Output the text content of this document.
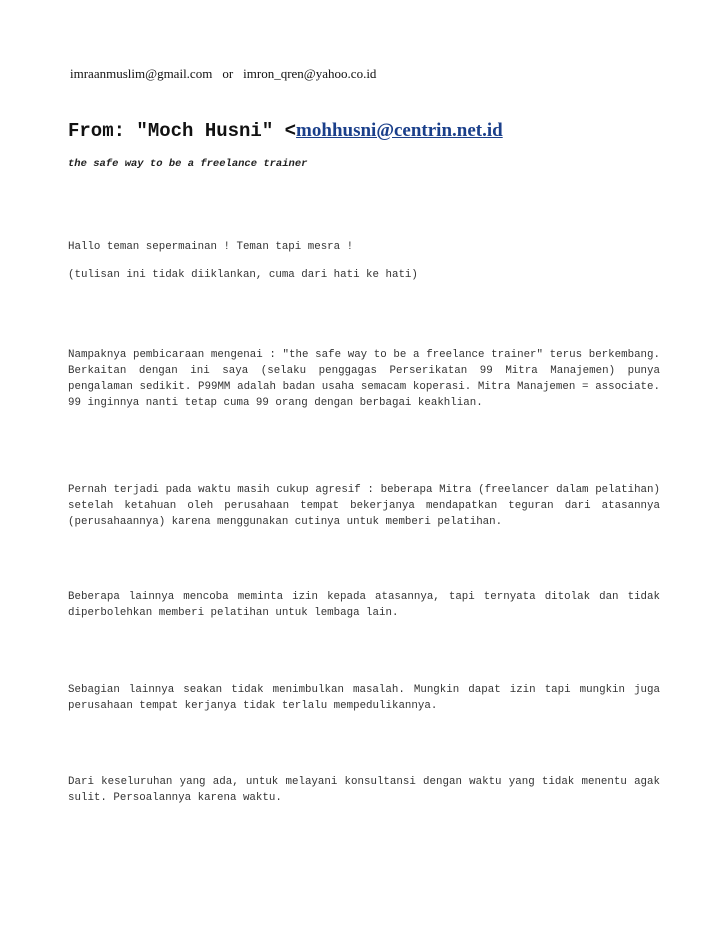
imraanmuslim@gmail.com or imron_qren@yahoo.co.id
From: "Moch Husni" <mohhusni@centrin.net.id
the safe way to be a freelance trainer

Hallo teman sepermainan ! Teman tapi mesra !

(tulisan ini tidak diiklankan, cuma dari hati ke hati)

Nampaknya pembicaraan mengenai : "the safe way to be a freelance trainer" terus berkembang. Berkaitan dengan ini saya (selaku penggagas Perserikatan 99 Mitra Manajemen) punya pengalaman sedikit. P99MM adalah badan usaha semacam koperasi. Mitra Manajemen = associate. 99 inginnya nanti tetap cuma 99 orang dengan berbagai keakhlian.

Pernah terjadi pada waktu masih cukup agresif : beberapa Mitra (freelancer dalam pelatihan) setelah ketahuan oleh perusahaan tempat bekerjanya mendapatkan teguran dari atasannya (perusahaannya) karena menggunakan cutinya untuk memberi pelatihan.

Beberapa lainnya mencoba meminta izin kepada atasannya, tapi ternyata ditolak dan tidak diperbolehkan memberi pelatihan untuk lembaga lain.

Sebagian lainnya seakan tidak menimbulkan masalah. Mungkin dapat izin tapi mungkin juga perusahaan tempat kerjanya tidak terlalu mempedulikannya.

Dari keseluruhan yang ada, untuk melayani konsultansi dengan waktu yang tidak menentu agak sulit. Persoalannya karena waktu.
